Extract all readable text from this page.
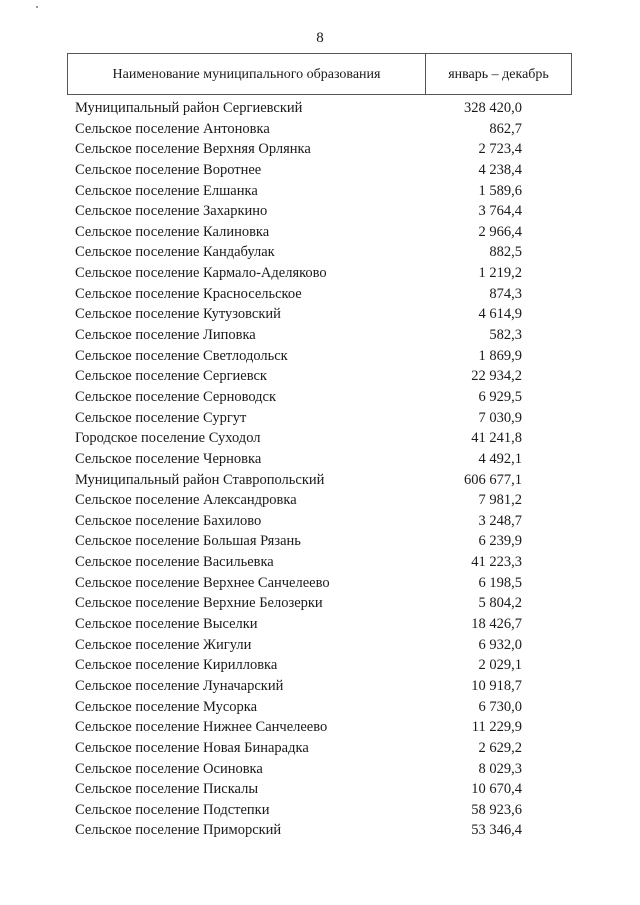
8
Наименование муниципального образования	январь – декабрь
Муниципальный район Сергиевский	328 420,0
Сельское поселение Антоновка	862,7
Сельское поселение Верхняя Орлянка	2 723,4
Сельское поселение Воротнее	4 238,4
Сельское поселение Елшанка	1 589,6
Сельское поселение Захаркино	3 764,4
Сельское поселение Калиновка	2 966,4
Сельское поселение Кандабулак	882,5
Сельское поселение Кармало-Аделяково	1 219,2
Сельское поселение Красносельское	874,3
Сельское поселение Кутузовский	4 614,9
Сельское поселение Липовка	582,3
Сельское поселение Светлодольск	1 869,9
Сельское поселение Сергиевск	22 934,2
Сельское поселение Серноводск	6 929,5
Сельское поселение Сургут	7 030,9
Городское поселение Суходол	41 241,8
Сельское поселение Черновка	4 492,1
Муниципальный район Ставропольский	606 677,1
Сельское поселение Александровка	7 981,2
Сельское поселение Бахилово	3 248,7
Сельское поселение Большая Рязань	6 239,9
Сельское поселение Васильевка	41 223,3
Сельское поселение Верхнее Санчелеево	6 198,5
Сельское поселение Верхние Белозерки	5 804,2
Сельское поселение Выселки	18 426,7
Сельское поселение Жигули	6 932,0
Сельское поселение Кирилловка	2 029,1
Сельское поселение Луначарский	10 918,7
Сельское поселение Мусорка	6 730,0
Сельское поселение Нижнее Санчелеево	11 229,9
Сельское поселение Новая Бинарадка	2 629,2
Сельское поселение Осиновка	8 029,3
Сельское поселение Пискалы	10 670,4
Сельское поселение Подстепки	58 923,6
Сельское поселение Приморский	53 346,4
